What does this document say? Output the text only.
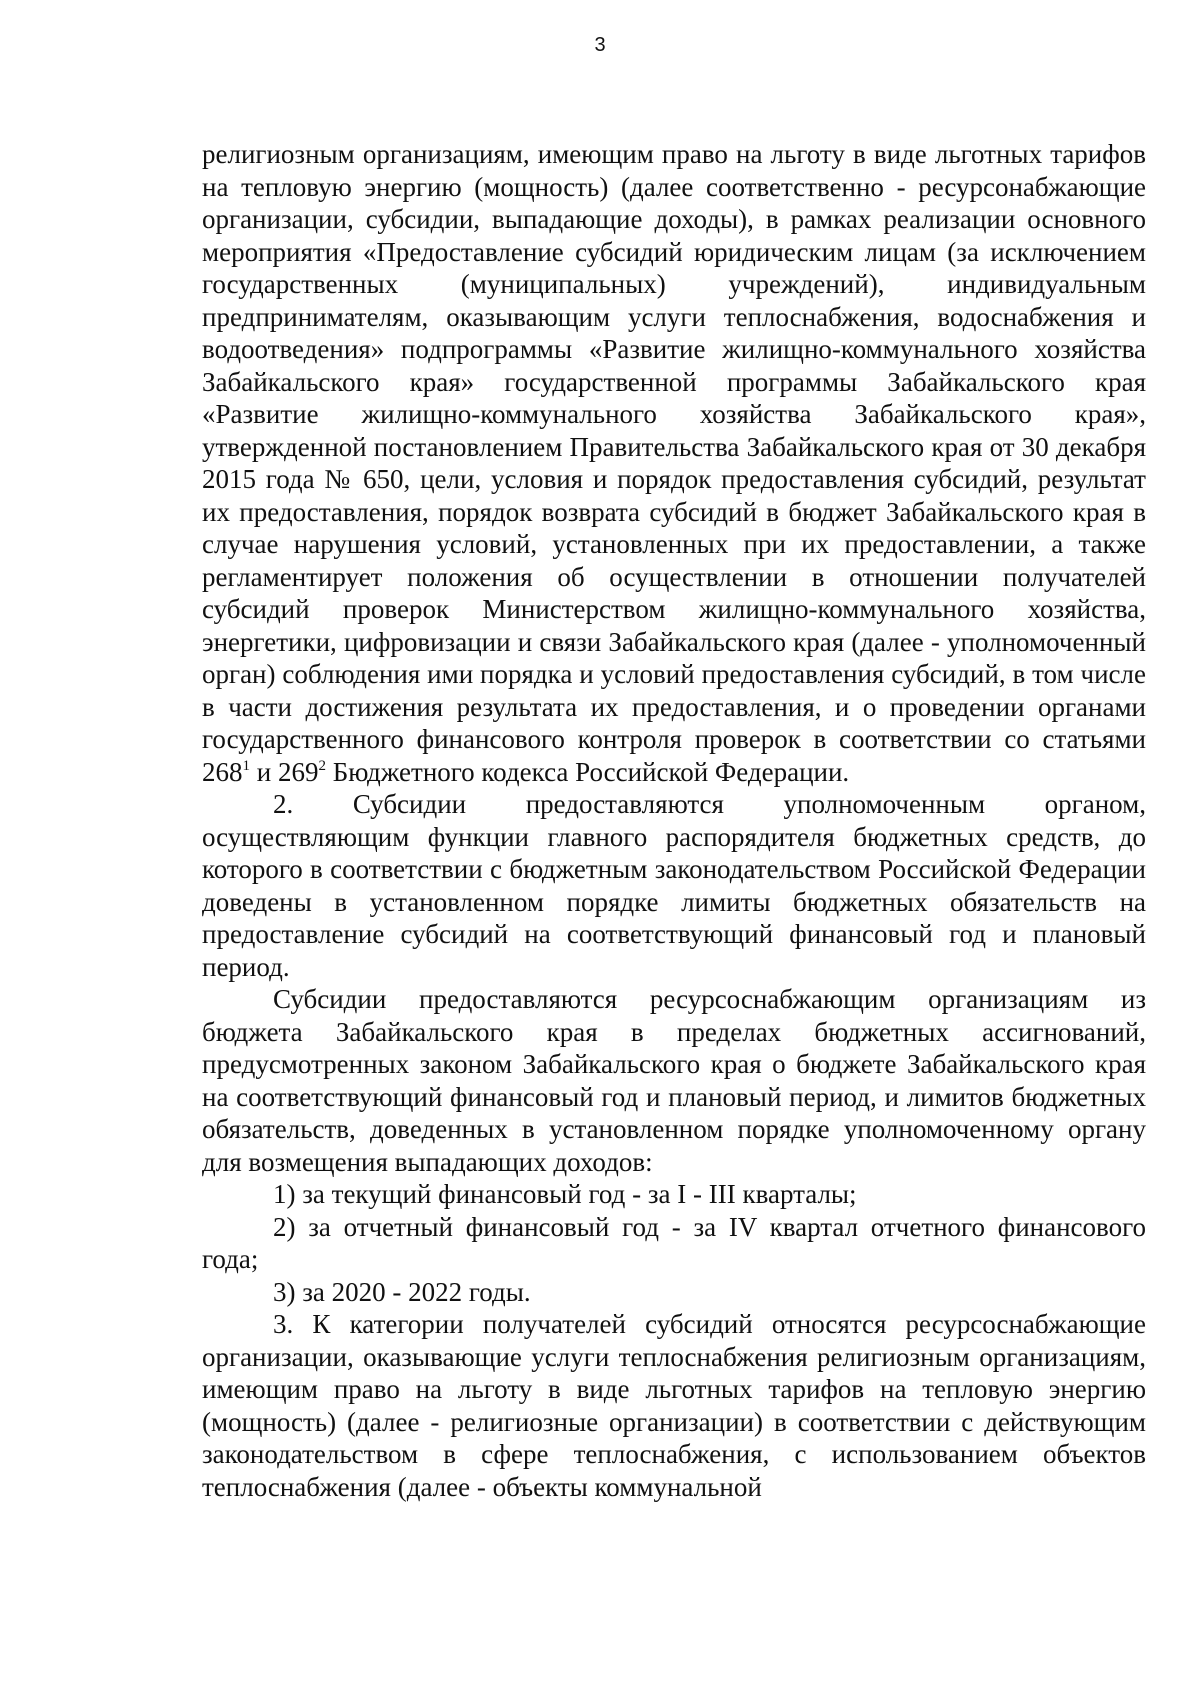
3

религиозным организациям, имеющим право на льготу в виде льготных тарифов на тепловую энергию (мощность) (далее соответственно - ресурсонабжающие организации, субсидии, выпадающие доходы), в рамках реализации основного мероприятия «Предоставление субсидий юридическим лицам (за исключением государственных (муниципальных) учреждений), индивидуальным предпринимателям, оказывающим услуги теплоснабжения, водоснабжения и водоотведения» подпрограммы «Развитие жилищно-коммунального хозяйства Забайкальского края» государственной программы Забайкальского края «Развитие жилищно-коммунального хозяйства Забайкальского края», утвержденной постановлением Правительства Забайкальского края от 30 декабря 2015 года № 650, цели, условия и порядок предоставления субсидий, результат их предоставления, порядок возврата субсидий в бюджет Забайкальского края в случае нарушения условий, установленных при их предоставлении, а также регламентирует положения об осуществлении в отношении получателей субсидий проверок Министерством жилищно-коммунального хозяйства, энергетики, цифровизации и связи Забайкальского края (далее - уполномоченный орган) соблюдения ими порядка и условий предоставления субсидий, в том числе в части достижения результата их предоставления, и о проведении органами государственного финансового контроля проверок в соответствии со статьями $268^1$ и $269^2$ Бюджетного кодекса Российской Федерации.

2. Субсидии предоставляются уполномоченным органом, осуществляющим функции главного распорядителя бюджетных средств, до которого в соответствии с бюджетным законодательством Российской Федерации доведены в установленном порядке лимиты бюджетных обязательств на предоставление субсидий на соответствующий финансовый год и плановый период.

Субсидии предоставляются ресурсоснабжающим организациям из бюджета Забайкальского края в пределах бюджетных ассигнований, предусмотренных законом Забайкальского края о бюджете Забайкальского края на соответствующий финансовый год и плановый период, и лимитов бюджетных обязательств, доведенных в установленном порядке уполномоченному органу для возмещения выпадающих доходов:

1) за текущий финансовый год - за I - III кварталы;

2) за отчетный финансовый год - за IV квартал отчетного финансового года;

3) за 2020 - 2022 годы.

3. К категории получателей субсидий относятся ресурсоснабжающие организации, оказывающие услуги теплоснабжения религиозным организациям, имеющим право на льготу в виде льготных тарифов на тепловую энергию (мощность) (далее - религиозные организации) в соответствии с действующим законодательством в сфере теплоснабжения, с использованием объектов теплоснабжения (далее - объекты коммунальной
